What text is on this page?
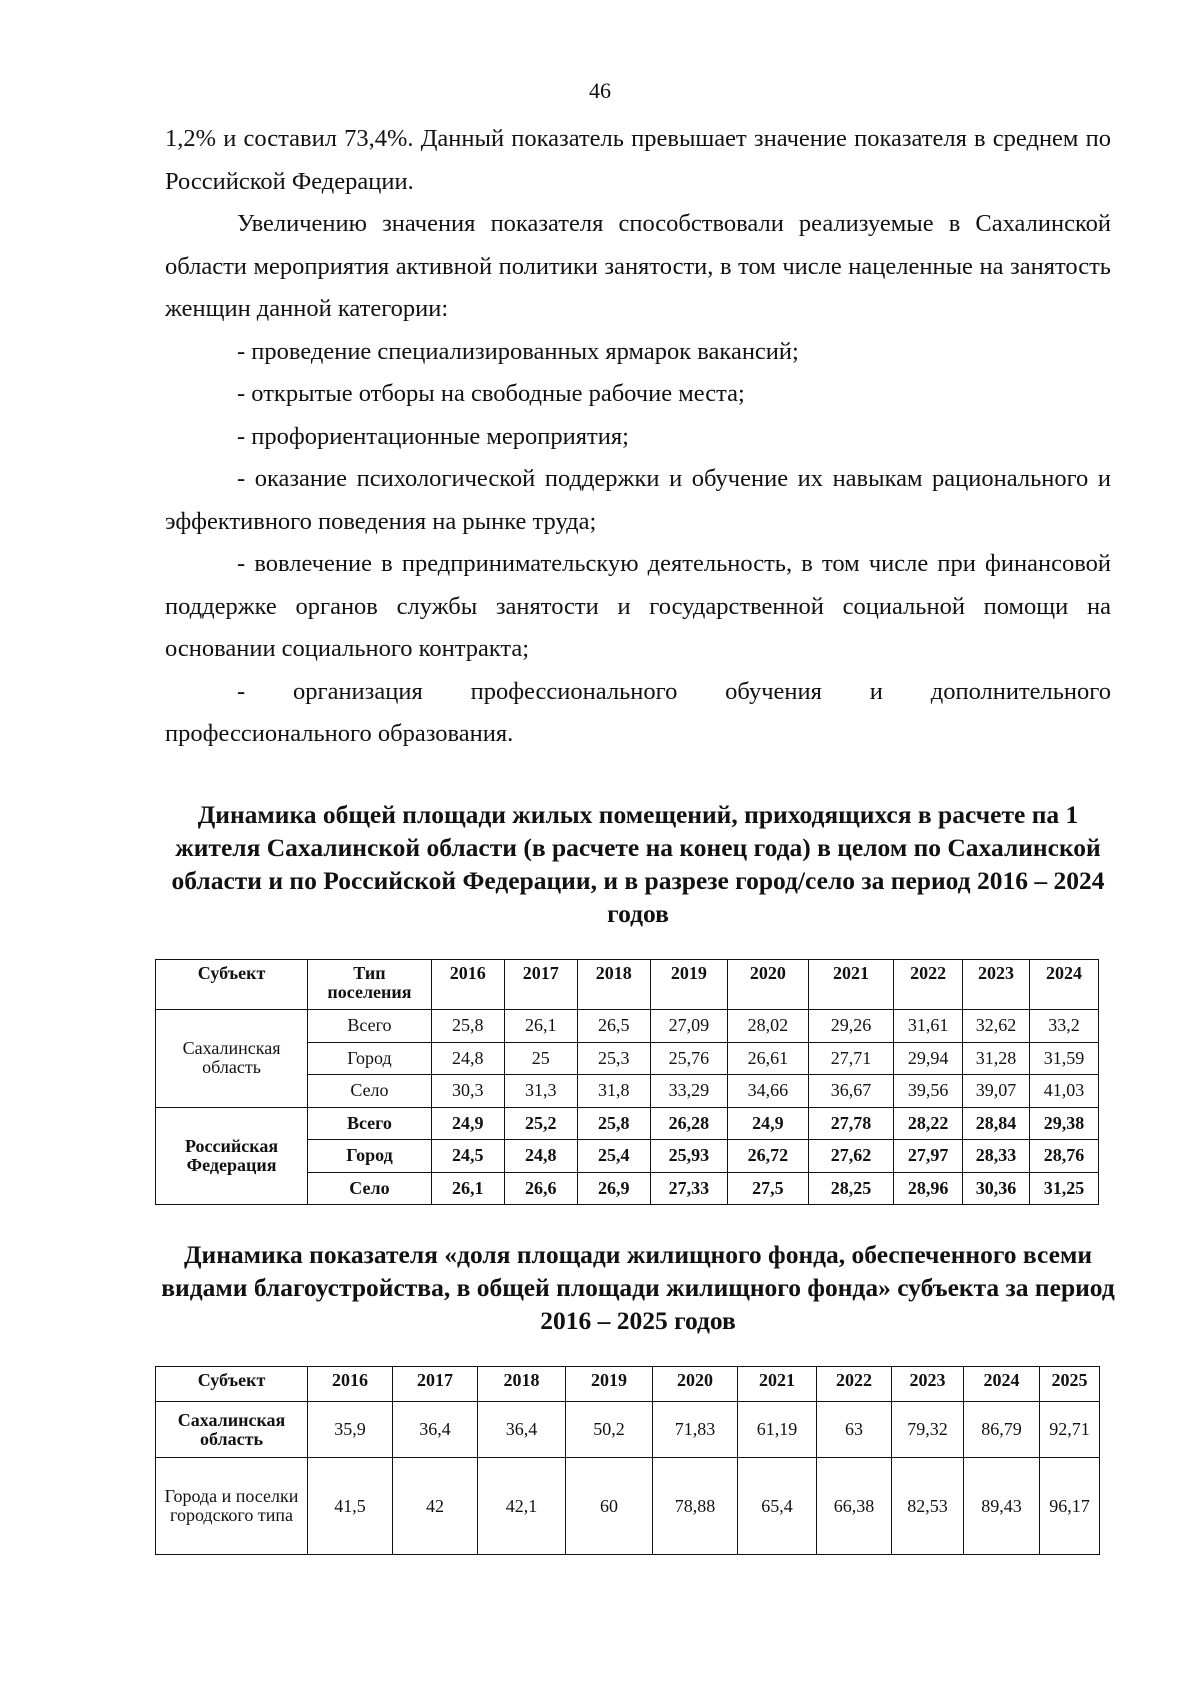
46

1,2% и составил 73,4%. Данный показатель превышает значение показателя в среднем по Российской Федерации.

Увеличению значения показателя способствовали реализуемые в Сахалинской области мероприятия активной политики занятости, в том числе нацеленные на занятость женщин данной категории:

- проведение специализированных ярмарок вакансий;

- открытые отборы на свободные рабочие места;

- профориентационные мероприятия;

- оказание психологической поддержки и обучение их навыкам рационального и эффективного поведения на рынке труда;

- вовлечение в предпринимательскую деятельность, в том числе при финансовой поддержке органов службы занятости и государственной социальной помощи на основании социального контракта;

- организация профессионального обучения и дополнительного профессионального образования.

Динамика общей площади жилых помещений, приходящихся в расчете па 1 жителя Сахалинской области (в расчете на конец года) в целом по Сахалинской области и по Российской Федерации, и в разрезе город/село за период 2016 – 2024 годов
Субъект	Тип поселения	2016	2017	2018	2019	2020	2021	2022	2023	2024
Сахалинская область	Всего	25,8	26,1	26,5	27,09	28,02	29,26	31,61	32,62	33,2
	Город	24,8	25	25,3	25,76	26,61	27,71	29,94	31,28	31,59
	Село	30,3	31,3	31,8	33,29	34,66	36,67	39,56	39,07	41,03
Российская Федерация	Всего	24,9	25,2	25,8	26,28	24,9	27,78	28,22	28,84	29,38
	Город	24,5	24,8	25,4	25,93	26,72	27,62	27,97	28,33	28,76
	Село	26,1	26,6	26,9	27,33	27,5	28,25	28,96	30,36	31,25
Динамика показателя «доля площади жилищного фонда, обеспеченного всеми видами благоустройства, в общей площади жилищного фонда» субъекта за период 2016 – 2025 годов
Субъект	2016	2017	2018	2019	2020	2021	2022	2023	2024	2025
Сахалинская область	35,9	36,4	36,4	50,2	71,83	61,19	63	79,32	86,79	92,71
Города и поселки городского типа	41,5	42	42,1	60	78,88	65,4	66,38	82,53	89,43	96,17
